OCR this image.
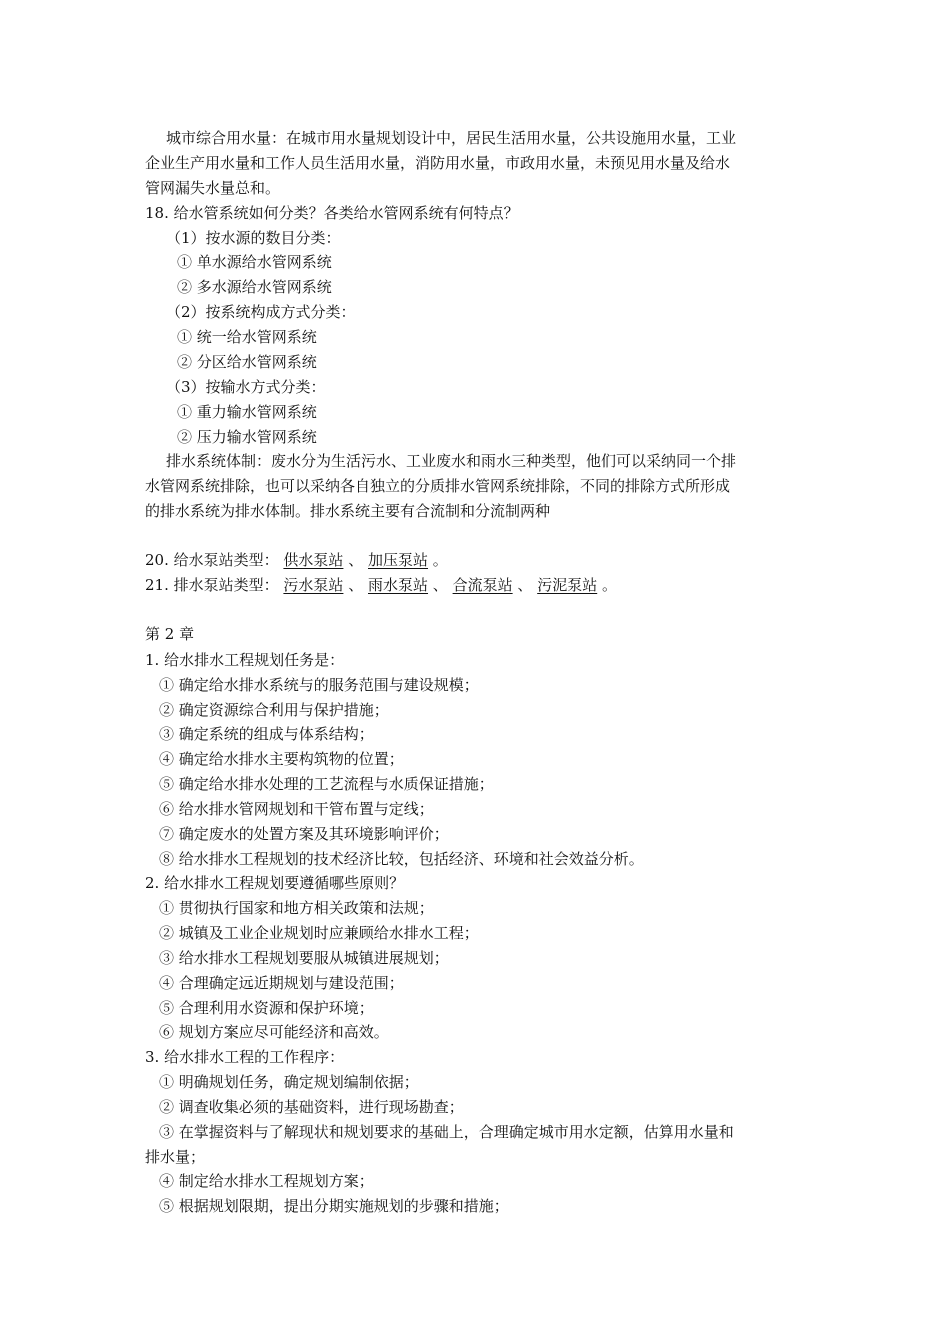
城市综合用水量：在城市用水量规划设计中，居民生活用水量，公共设施用水量，工业
企业生产用水量和工作人员生活用水量，消防用水量，市政用水量，未预见用水量及给水
管网漏失水量总和。
18. 给水管系统如何分类？各类给水管网系统有何特点？
（1）按水源的数目分类：
① 单水源给水管网系统
② 多水源给水管网系统
（2）按系统构成方式分类：
① 统一给水管网系统
② 分区给水管网系统
（3）按输水方式分类：
① 重力输水管网系统
② 压力输水管网系统
排水系统体制：废水分为生活污水、工业废水和雨水三种类型，他们可以采纳同一个排
水管网系统排除，也可以采纳各自独立的分质排水管网系统排除，不同的排除方式所形成
的排水系统为排水体制。排水系统主要有合流制和分流制两种
20. 给水泵站类型： 供水泵站 、 加压泵站 。
21. 排水泵站类型： 污水泵站 、 雨水泵站 、 合流泵站 、 污泥泵站 。
第 2 章
1. 给水排水工程规划任务是：
① 确定给水排水系统与的服务范围与建设规模；
② 确定资源综合利用与保护措施；
③ 确定系统的组成与体系结构；
④ 确定给水排水主要构筑物的位置；
⑤ 确定给水排水处理的工艺流程与水质保证措施；
⑥ 给水排水管网规划和干管布置与定线；
⑦ 确定废水的处置方案及其环境影响评价；
⑧ 给水排水工程规划的技术经济比较，包括经济、环境和社会效益分析。
2. 给水排水工程规划要遵循哪些原则？
① 贯彻执行国家和地方相关政策和法规；
② 城镇及工业企业规划时应兼顾给水排水工程；
③ 给水排水工程规划要服从城镇进展规划；
④ 合理确定远近期规划与建设范围；
⑤ 合理利用水资源和保护环境；
⑥ 规划方案应尽可能经济和高效。
3. 给水排水工程的工作程序：
① 明确规划任务，确定规划编制依据；
② 调查收集必须的基础资料，进行现场勘查；
③ 在掌握资料与了解现状和规划要求的基础上，合理确定城市用水定额，估算用水量和
排水量；
④ 制定给水排水工程规划方案；
⑤ 根据规划限期，提出分期实施规划的步骤和措施；
